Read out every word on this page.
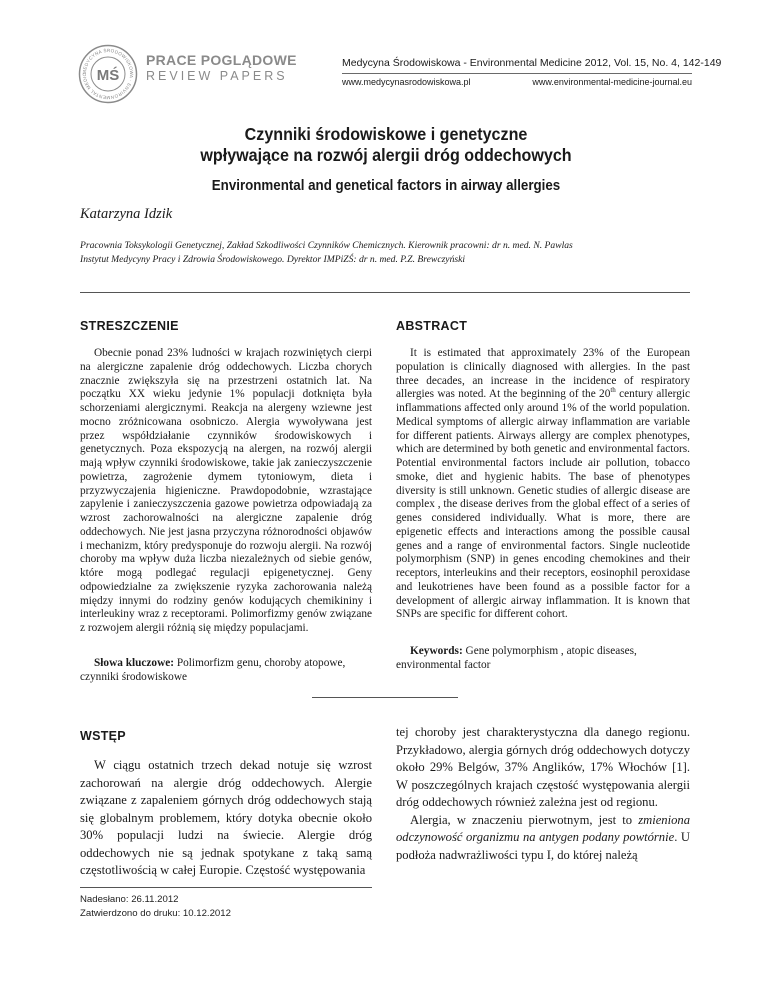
MEDYCYNA ŚRODOWISKOWA · ENVIRONMENTAL MEDIC MŚ
PRACE POGLĄDOWE
REVIEW PAPERS
Medycyna Środowiskowa - Environmental Medicine 2012, Vol. 15, No. 4, 142-149
www.medycynasrodowiskowa.pl	www.environmental-medicine-journal.eu
Czynniki środowiskowe i genetyczne
wpływające na rozwój alergii dróg oddechowych
Environmental and genetical factors in airway allergies
Katarzyna Idzik
Pracownia Toksykologii Genetycznej, Zakład Szkodliwości Czynników Chemicznych. Kierownik pracowni: dr n. med. N. Pawlas
Instytut Medycyny Pracy i Zdrowia Środowiskowego. Dyrektor IMPiZŚ: dr n. med. P.Z. Brewczyński
STRESZCZENIE

Obecnie ponad 23% ludności w krajach rozwiniętych cierpi na alergiczne zapalenie dróg oddechowych. Liczba chorych znacznie zwiększyła się na przestrzeni ostatnich lat. Na początku XX wieku jedynie 1% populacji dotknięta była schorzeniami alergicznymi. Reakcja na alergeny wziewne jest mocno zróżnicowana osobniczo. Alergia wywoływana jest przez współdziałanie czynników środowiskowych i genetycznych. Poza ekspozycją na alergen, na rozwój alergii mają wpływ czynniki środowiskowe, takie jak zanieczyszczenie powietrza, zagrożenie dymem tytoniowym, dieta i przyzwyczajenia higieniczne. Prawdopodobnie, wzrastające zapylenie i zanieczyszczenia gazowe powietrza odpowiadają za wzrost zachorowalności na alergiczne zapalenie dróg oddechowych. Nie jest jasna przyczyna różnorodności objawów i mechanizm, który predysponuje do rozwoju alergii. Na rozwój choroby ma wpływ duża liczba niezależnych od siebie genów, które mogą podlegać regulacji epigenetycznej. Geny odpowiedzialne za zwiększenie ryzyka zachorowania należą między innymi do rodziny genów kodujących chemikininy i interleukiny wraz z receptorami. Polimorfizmy genów związane z rozwojem alergii różnią się między populacjami.

Słowa kluczowe: Polimorfizm genu, choroby atopowe, czynniki środowiskowe
ABSTRACT

It is estimated that approximately 23% of the European population is clinically diagnosed with allergies. In the past three decades, an increase in the incidence of respiratory allergies was noted. At the beginning of the 20th century allergic inflammations affected only around 1% of the world population. Medical symptoms of allergic airway inflammation are variable for different patients. Airways allergy are complex phenotypes, which are determined by both genetic and environmental factors. Potential environmental factors include air pollution, tobacco smoke, diet and hygienic habits. The base of phenotypes diversity is still unknown. Genetic studies of allergic disease are complex , the disease derives from the global effect of a series of genes considered individually. What is more, there are epigenetic effects and interactions among the possible causal genes and a range of environmental factors. Single nucleotide polymorphism (SNP) in genes encoding chemokines and their receptors, interleukins and their receptors, eosinophil peroxidase and leukotrienes have been found as a possible factor for a development of allergic airway inflammation. It is known that SNPs are specific for different cohort.

Keywords: Gene polymorphism , atopic diseases, environmental factor
WSTĘP

W ciągu ostatnich trzech dekad notuje się wzrost zachorowań na alergie dróg oddechowych. Alergie związane z zapaleniem górnych dróg oddechowych stają się globalnym problemem, który dotyka obecnie około 30% populacji ludzi na świecie. Alergie dróg oddechowych nie są jednak spotykane z taką samą częstotliwością w całej Europie. Częstość występowania

tej choroby jest charakterystyczna dla danego regionu. Przykładowo, alergia górnych dróg oddechowych dotyczy około 29% Belgów, 37% Anglików, 17% Włochów [1]. W poszczególnych krajach częstość występowania alergii dróg oddechowych również zależna jest od regionu.

Alergia, w znaczeniu pierwotnym, jest to zmieniona odczynowość organizmu na antygen podany powtórnie. U podłoża nadwrażliwości typu I, do której należą

Nadesłano: 26.11.2012
Zatwierdzono do druku: 10.12.2012
